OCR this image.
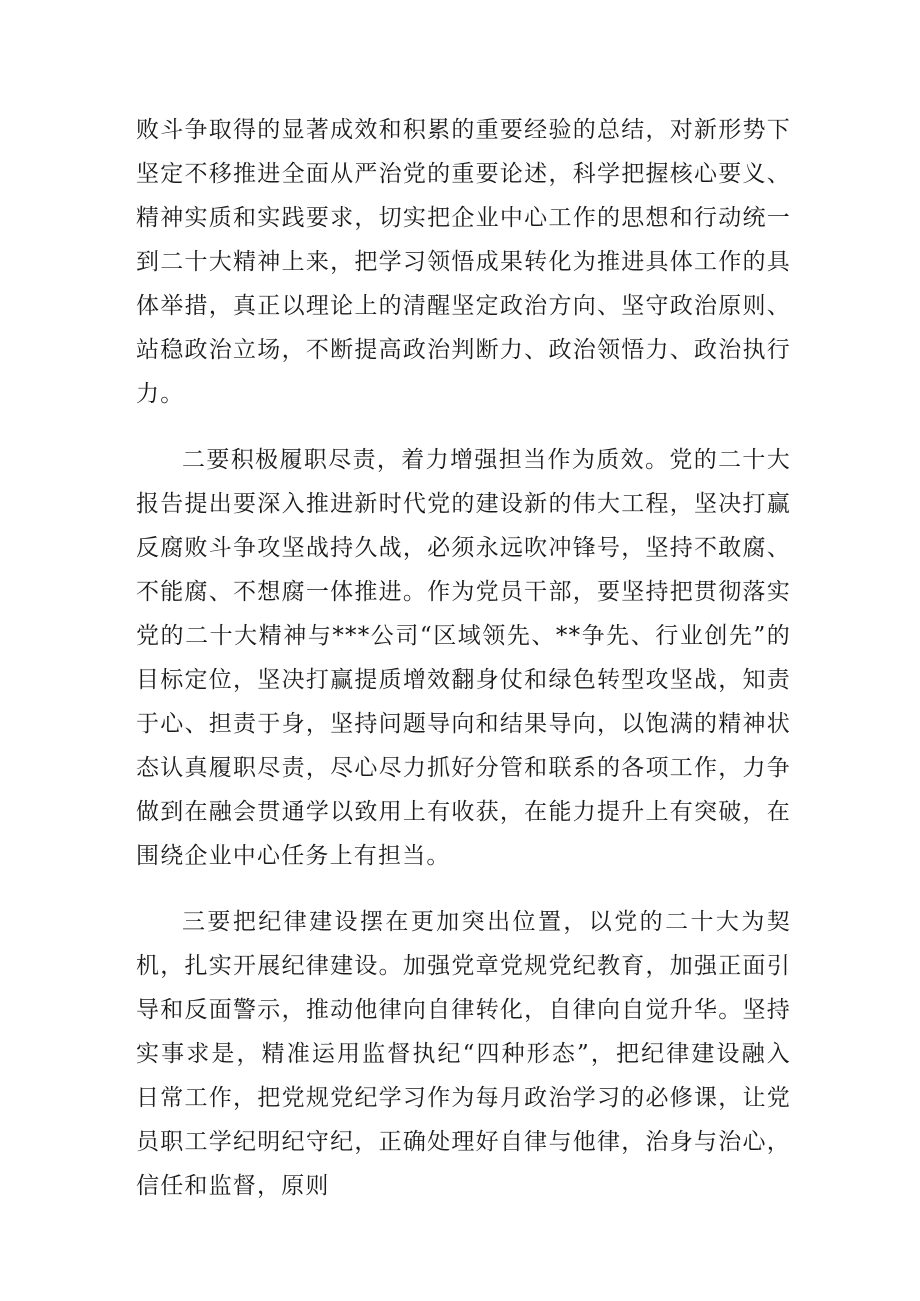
败斗争取得的显著成效和积累的重要经验的总结，对新形势下坚定不移推进全面从严治党的重要论述，科学把握核心要义、精神实质和实践要求，切实把企业中心工作的思想和行动统一到二十大精神上来，把学习领悟成果转化为推进具体工作的具体举措，真正以理论上的清醒坚定政治方向、坚守政治原则、站稳政治立场，不断提高政治判断力、政治领悟力、政治执行力。

二要积极履职尽责，着力增强担当作为质效。党的二十大报告提出要深入推进新时代党的建设新的伟大工程，坚决打赢反腐败斗争攻坚战持久战，必须永远吹冲锋号，坚持不敢腐、不能腐、不想腐一体推进。作为党员干部，要坚持把贯彻落实党的二十大精神与***公司“区域领先、**争先、行业创先”的目标定位，坚决打赢提质增效翻身仗和绿色转型攻坚战，知责于心、担责于身，坚持问题导向和结果导向，以饱满的精神状态认真履职尽责，尽心尽力抓好分管和联系的各项工作，力争做到在融会贯通学以致用上有收获，在能力提升上有突破，在围绕企业中心任务上有担当。

三要把纪律建设摆在更加突出位置，以党的二十大为契机，扎实开展纪律建设。加强党章党规党纪教育，加强正面引导和反面警示，推动他律向自律转化，自律向自觉升华。坚持实事求是，精准运用监督执纪“四种形态”，把纪律建设融入日常工作，把党规党纪学习作为每月政治学习的必修课，让党员职工学纪明纪守纪，正确处理好自律与他律，治身与治心，信任和监督，原则
